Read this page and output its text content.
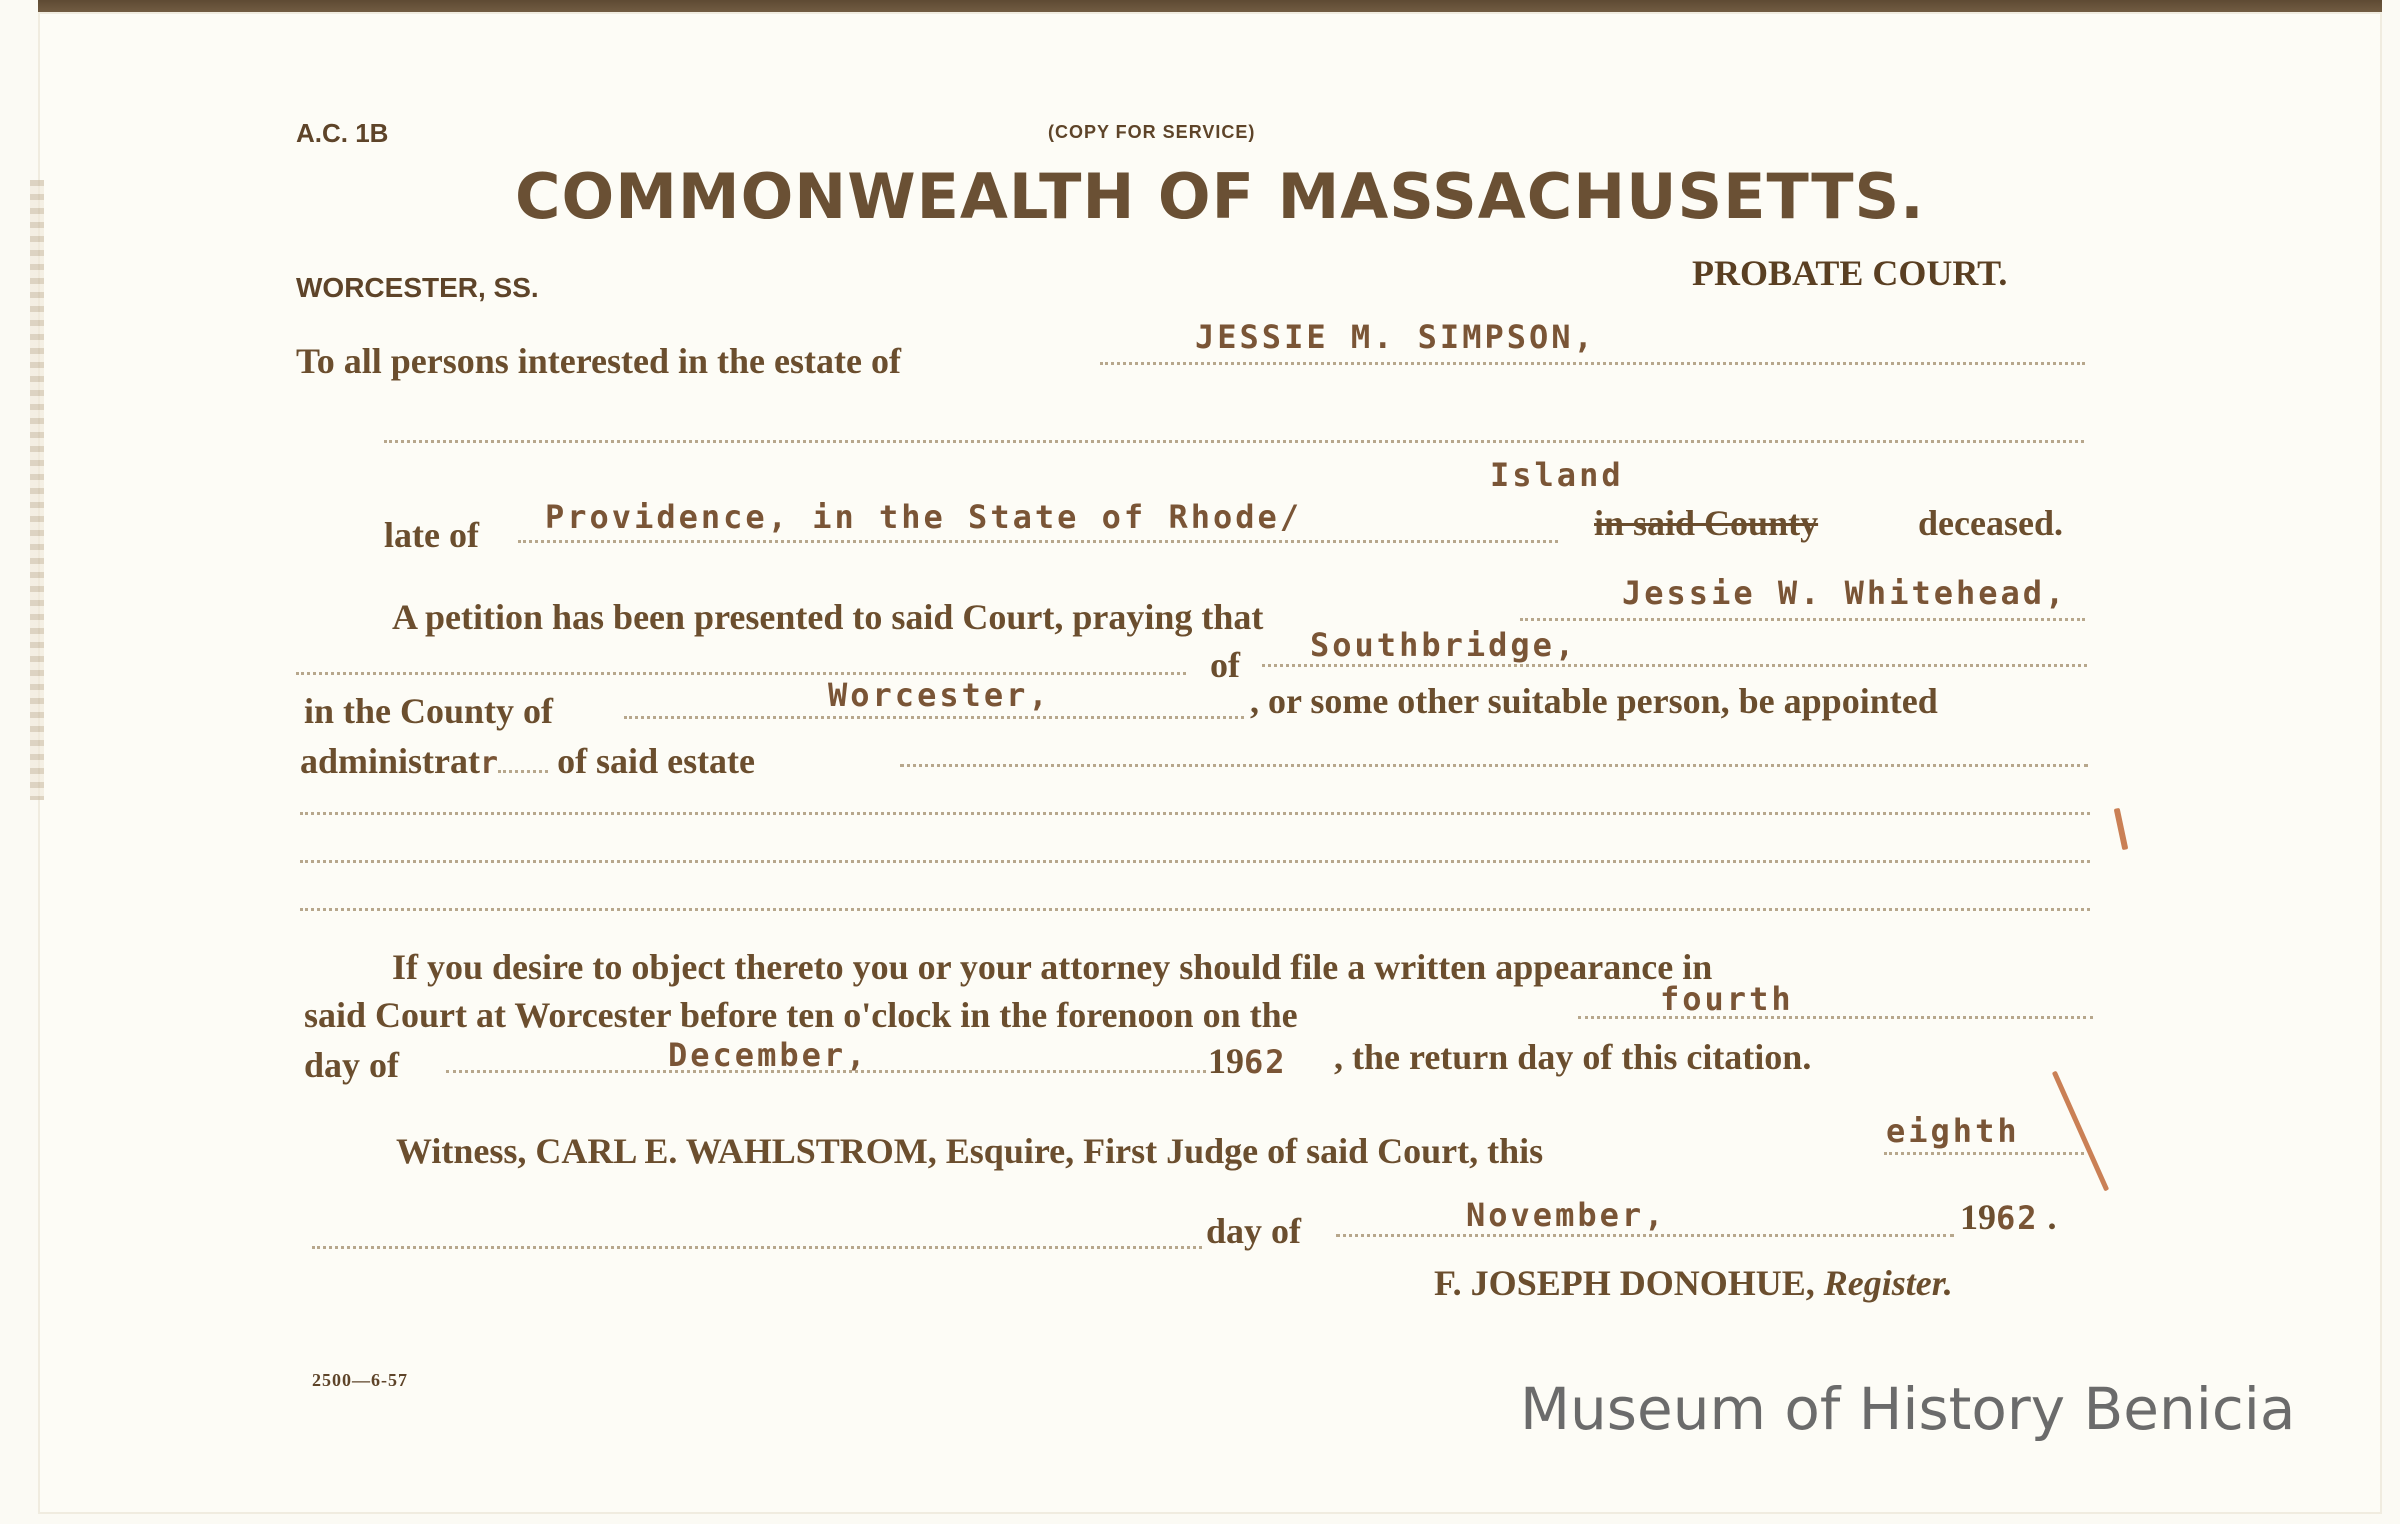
A.C. 1B	(COPY FOR SERVICE)
COMMONWEALTH OF MASSACHUSETTS.
WORCESTER, SS.	PROBATE COURT.
To all persons interested in the estate of
JESSIE M. SIMPSON,
Island
late of Providence, in the State of Rhode/	in said County	deceased.
A petition has been presented to said Court, praying that
Jessie W. Whitehead,
of Southbridge,
in the County of	Worcester,	, or some other suitable person, be appointed
administratr of said estate
If you desire to object thereto you or your attorney should file a written appearance in
said Court at Worcester before ten o'clock in the forenoon on the	fourth
day of	December,	1962 , the return day of this citation.
Witness, CARL E. WAHLSTROM, Esquire, First Judge of said Court, this	eighth
day of	November,	1962 .
F. JOSEPH DONOHUE, Register.
2500—6-57	Museum of History Benicia
